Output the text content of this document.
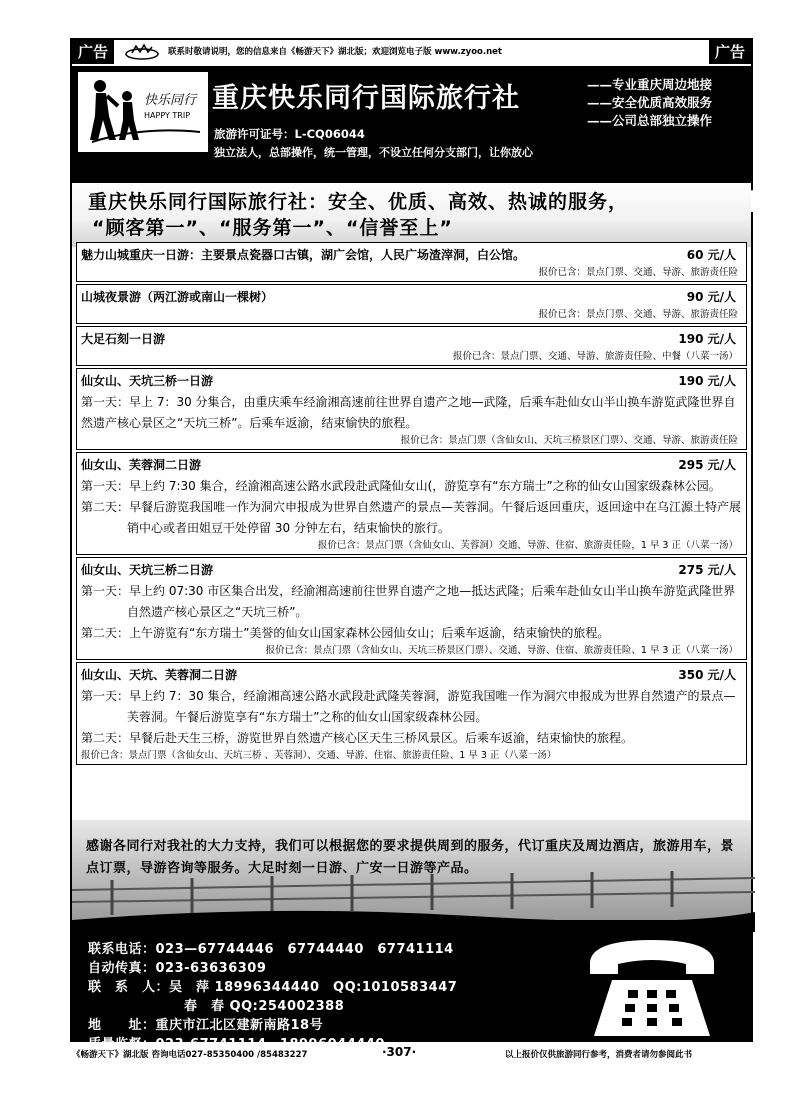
广告	联系时敬请说明，您的信息来自《畅游天下》湖北版；欢迎浏览电子版 www.zyoo.net	广告
快乐同行
HAPPY TRIP
重庆快乐同行国际旅行社	——专业重庆周边地接
——安全优质高效服务
——公司总部独立操作
旅游许可证号：L-CQ06044
独立法人，总部操作，统一管理，不设立任何分支部门，让你放心
重庆快乐同行国际旅行社：安全、优质、高效、热诚的服务，
“顾客第一”、“服务第一”、“信誉至上”
魅力山城重庆一日游：主要景点瓷器口古镇，湖广会馆，人民广场渣滓洞，白公馆。	60 元/人
报价已含：景点门票、交通、导游、旅游责任险
山城夜景游（两江游或南山一棵树）	90 元/人
报价已含：景点门票、交通、导游、旅游责任险
大足石刻一日游	190 元/人
报价已含：景点门票、交通、导游、旅游责任险、中餐（八菜一汤）
仙女山、天坑三桥一日游	190 元/人
第一天：早上 7：30 分集合，由重庆乘车经渝湘高速前往世界自遗产之地—武隆，后乘车赴仙女山半山换车游览武隆世界自然遗产核心景区之“天坑三桥”。后乘车返渝，结束愉快的旅程。
报价已含：景点门票（含仙女山、天坑三桥景区门票）、交通、导游、旅游责任险
仙女山、芙蓉洞二日游	295 元/人
第一天：早上约 7:30 集合，经渝湘高速公路水武段赴武隆仙女山(，游览享有“东方瑞士”之称的仙女山国家级森林公园。
第二天：早餐后游览我国唯一作为洞穴申报成为世界自然遗产的景点—芙蓉洞。午餐后返回重庆，返回途中在乌江源土特产展销中心或者田姐豆干处停留 30 分钟左右，结束愉快的旅行。
报价已含：景点门票（含仙女山、芙蓉洞）交通、导游、住宿、旅游责任险，1 早 3 正（八菜一汤）
仙女山、天坑三桥二日游	275 元/人
第一天：早上约 07:30 市区集合出发，经渝湘高速前往世界自遗产之地—抵达武隆；后乘车赴仙女山半山换车游览武隆世界自然遗产核心景区之“天坑三桥”。
第二天：上午游览有“东方瑞士”美誉的仙女山国家森林公园仙女山；后乘车返渝，结束愉快的旅程。
报价已含：景点门票（含仙女山、天坑三桥景区门票）、交通、导游、住宿、旅游责任险、1 早 3 正（八菜一汤）
仙女山、天坑、芙蓉洞二日游	350 元/人
第一天：早上约 7：30 集合，经渝湘高速公路水武段赴武隆芙蓉洞，游览我国唯一作为洞穴申报成为世界自然遗产的景点—芙蓉洞。午餐后游览享有“东方瑞士”之称的仙女山国家级森林公园。
第二天：早餐后赴天生三桥，游览世界自然遗产核心区天生三桥风景区。后乘车返渝，结束愉快的旅程。
报价已含：景点门票（含仙女山、天坑三桥 、芙蓉洞）、交通、导游、住宿、旅游责任险、1 早 3 正（八菜一汤）
感谢各同行对我社的大力支持，我们可以根据您的要求提供周到的服务，代订重庆及周边酒店，旅游用车，景点订票，导游咨询等服务。大足时刻一日游、广安一日游等产品。
联系电话：023—67744446　67744440　67741114
自动传真：023-63636309
联　系　人：吴　萍 18996344440　QQ:1010583447
春　春 QQ:254002388
地　　址：重庆市江北区建新南路18号
质量监督：023-67741114　18996044440
《畅游天下》湖北版 咨询电话027-85350400 /85483227	·307·	以上报价仅供旅游同行参考，消费者请勿参阅此书
